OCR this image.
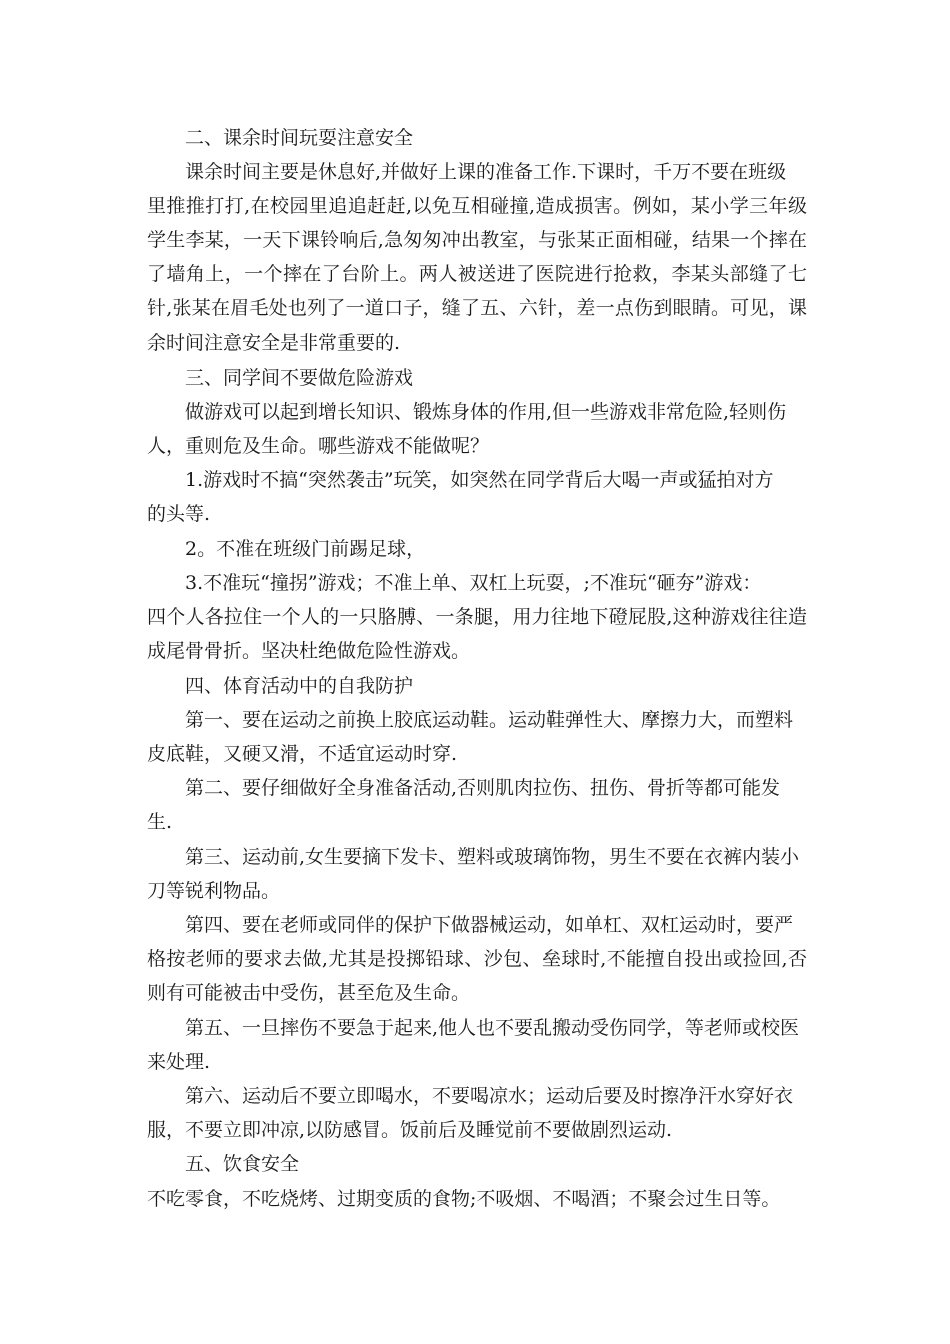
二、课余时间玩耍注意安全
课余时间主要是休息好,并做好上课的准备工作.下课时，千万不要在班级
里推推打打,在校园里追追赶赶,以免互相碰撞,造成损害。例如，某小学三年级
学生李某，一天下课铃响后,急匆匆冲出教室，与张某正面相碰，结果一个摔在
了墙角上，一个摔在了台阶上。两人被送进了医院进行抢救，李某头部缝了七
针,张某在眉毛处也列了一道口子，缝了五、六针，差一点伤到眼睛。可见，课
余时间注意安全是非常重要的.
三、同学间不要做危险游戏
做游戏可以起到增长知识、锻炼身体的作用,但一些游戏非常危险,轻则伤
人，重则危及生命。哪些游戏不能做呢？
1.游戏时不搞“突然袭击”玩笑，如突然在同学背后大喝一声或猛拍对方
的头等.
2。不准在班级门前踢足球，
3.不准玩“撞拐”游戏；不准上单、双杠上玩耍，;不准玩“砸夯”游戏：
四个人各拉住一个人的一只胳膊、一条腿，用力往地下磴屁股,这种游戏往往造
成尾骨骨折。坚决杜绝做危险性游戏。
四、体育活动中的自我防护
第一、要在运动之前换上胶底运动鞋。运动鞋弹性大、摩擦力大，而塑料
皮底鞋，又硬又滑，不适宜运动时穿.
第二、要仔细做好全身准备活动,否则肌肉拉伤、扭伤、骨折等都可能发
生.
第三、运动前,女生要摘下发卡、塑料或玻璃饰物，男生不要在衣裤内装小
刀等锐利物品。
第四、要在老师或同伴的保护下做器械运动，如单杠、双杠运动时，要严
格按老师的要求去做,尤其是投掷铅球、沙包、垒球时,不能擅自投出或捡回,否
则有可能被击中受伤，甚至危及生命。
第五、一旦摔伤不要急于起来,他人也不要乱搬动受伤同学，等老师或校医
来处理.
第六、运动后不要立即喝水，不要喝凉水；运动后要及时擦净汗水穿好衣
服，不要立即冲凉,以防感冒。饭前后及睡觉前不要做剧烈运动.
五、饮食安全
不吃零食，不吃烧烤、过期变质的食物;不吸烟、不喝酒；不聚会过生日等。
